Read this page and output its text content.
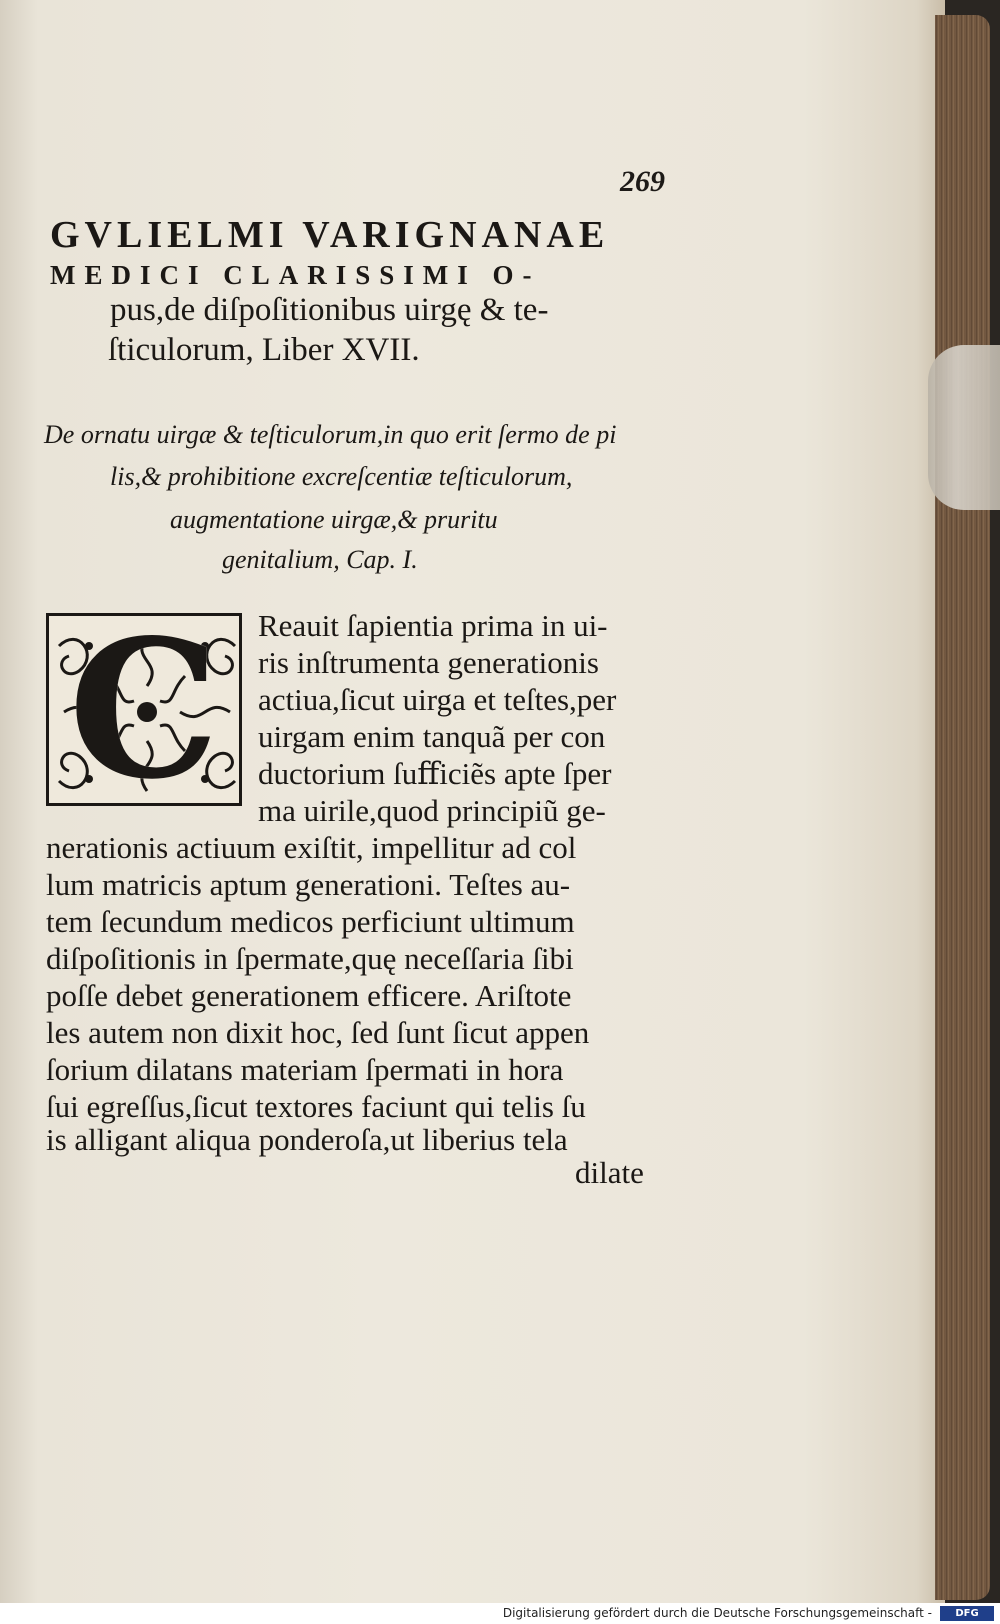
269
GVLIELMI VARIGNANAE
MEDICI CLARISSIMI O-
pus,de diſpoſitionibus uirgę & te-
ſticulorum, Liber XVII.
De ornatu uirgæ & teſticulorum,in quo erit ſermo de pi
lis,& prohibitione excreſcentiæ teſticulorum,
augmentatione uirgæ,& pruritu
genitalium, Cap. I.
C	Reauit ſapientia prima in ui-
ris inſtrumenta generationis
actiua,ſicut uirga et teſtes,per
uirgam enim tanquã per con
ductorium ſuﬀiciẽs apte ſper
ma uirile,quod principiũ ge-
nerationis actiuum exiſtit, impellitur ad col
lum matricis aptum generationi. Teſtes au-
tem ſecundum medicos perficiunt ultimum
diſpoſitionis in ſpermate,quę neceſſaria ſibi
poſſe debet generationem efficere. Ariſtote
les autem non dixit hoc, ſed ſunt ſicut appen
ſorium dilatans materiam ſpermati in hora
ſui egreſſus,ſicut textores faciunt qui telis ſu
is alligant aliqua ponderoſa,ut liberius tela
dilate
Digitalisierung gefördert durch die Deutsche Forschungsgemeinschaft -	DFG
